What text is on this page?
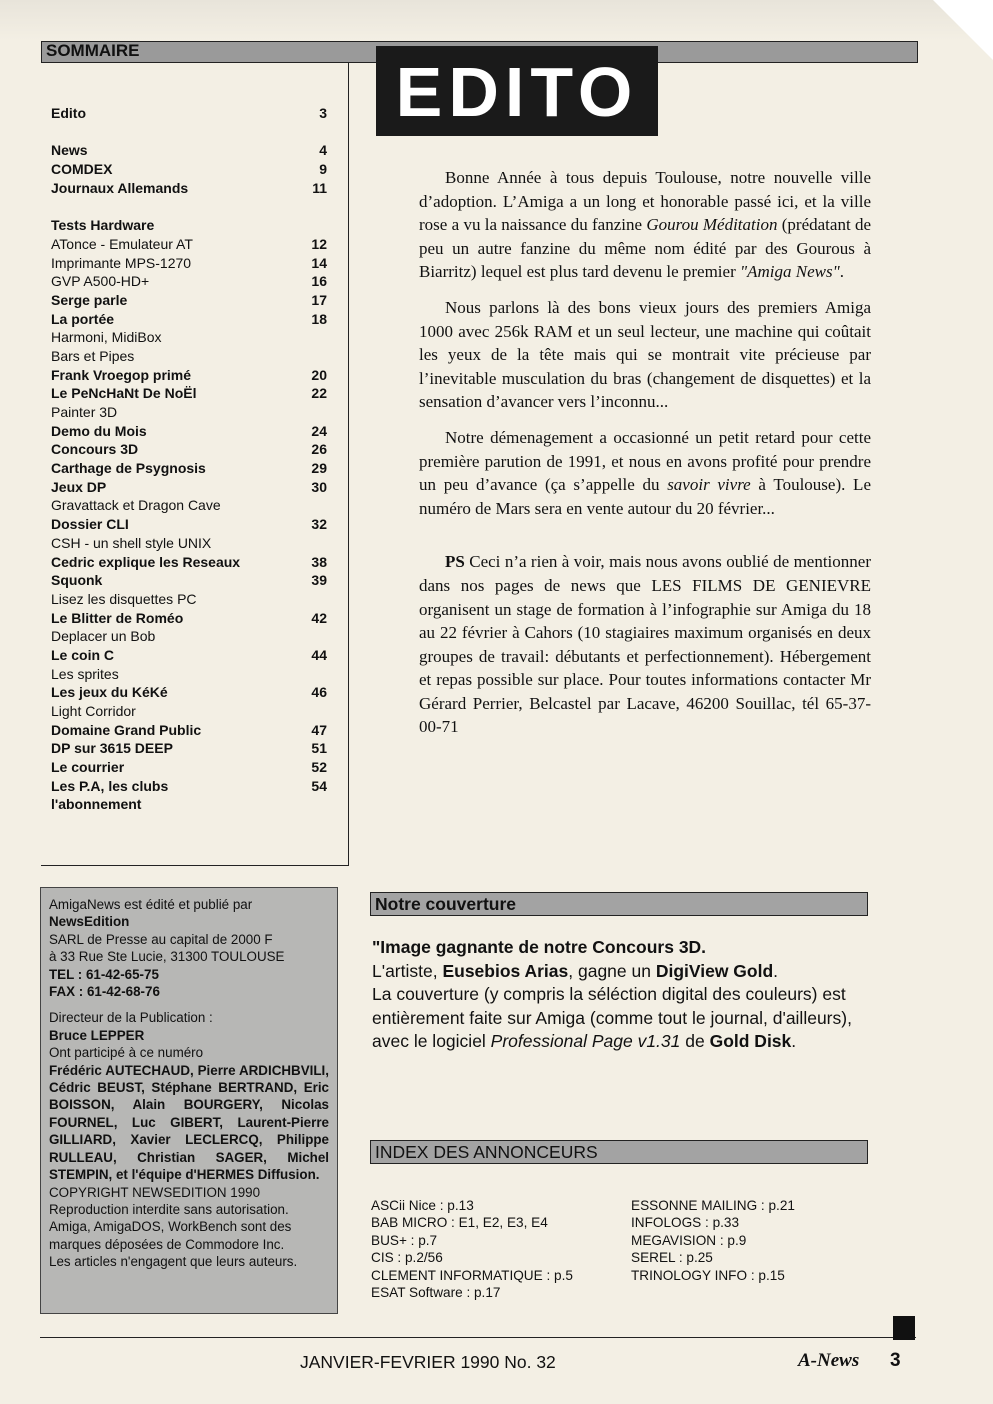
SOMMAIRE
EDITO
Edito	3
News	4
COMDEX	9
Journaux Allemands	11
Tests Hardware
ATonce - Emulateur AT	12
Imprimante MPS-1270	14
GVP A500-HD+	16
Serge parle	17
La portée	18
Harmoni, MidiBox
Bars et Pipes
Frank Vroegop primé	20
Le PeNcHaNt De NoËl	22
Painter 3D
Demo du Mois	24
Concours 3D	26
Carthage de Psygnosis	29
Jeux DP	30
Gravattack et Dragon Cave
Dossier CLI	32
CSH - un shell style UNIX
Cedric explique les Reseaux	38
Squonk	39
Lisez les disquettes PC
Le Blitter de Roméo	42
Deplacer un Bob
Le coin C	44
Les sprites
Les jeux du KéKé	46
Light Corridor
Domaine Grand Public	47
DP sur 3615 DEEP	51
Le courrier	52
Les P.A, les clubs	54
l'abonnement

Bonne Année à tous depuis Toulouse, notre nouvelle ville d’adoption. L’Amiga a un long et honorable passé ici, et la ville rose a vu la naissance du fanzine Gourou Méditation (prédatant de peu un autre fanzine du même nom édité par des Gourous à Biarritz) lequel est plus tard devenu le premier "Amiga News".

Nous parlons là des bons vieux jours des premiers Amiga 1000 avec 256k RAM et un seul lecteur, une machine qui coûtait les yeux de la tête mais qui se montrait vite précieuse par l’inevitable musculation du bras (changement de disquettes) et la sensation d’avancer vers l’inconnu...

Notre démenagement a occasionné un petit retard pour cette première parution de 1991, et nous en avons profité pour prendre un peu d’avance (ça s’appelle du savoir vivre à Toulouse). Le numéro de Mars sera en vente autour du 20 février...

PS Ceci n’a rien à voir, mais nous avons oublié de mentionner dans nos pages de news que LES FILMS DE GENIEVRE organisent un stage de formation à l’infographie sur Amiga du 18 au 22 février à Cahors (10 stagiaires maximum organisés en deux groupes de travail: débutants et perfectionnement). Hébergement et repas possible sur place. Pour toutes informations contacter Mr Gérard Perrier, Belcastel par Lacave, 46200 Souillac, tél 65-37-00-71

AmigaNews est édité et publié par
NewsEdition
SARL de Presse au capital de 2000 F
à 33 Rue Ste Lucie, 31300 TOULOUSE
TEL : 61-42-65-75
FAX : 61-42-68-76
Directeur de la Publication :
Bruce LEPPER
Ont participé à ce numéro
Frédéric AUTECHAUD, Pierre ARDICHBVILI, Cédric BEUST, Stéphane BERTRAND, Eric BOISSON, Alain BOURGERY, Nicolas FOURNEL, Luc GIBERT, Laurent-Pierre GILLIARD, Xavier LECLERCQ, Philippe RULLEAU, Christian SAGER, Michel STEMPIN, et l'équipe d'HERMES Diffusion.
COPYRIGHT NEWSEDITION 1990
Reproduction interdite sans autorisation.
Amiga, AmigaDOS, WorkBench sont des marques déposées de Commodore Inc.
Les articles n'engagent que leurs auteurs.
Notre couverture
"Image gagnante de notre Concours 3D.
L'artiste, Eusebios Arias, gagne un DigiView Gold.
La couverture (y compris la séléction digital des couleurs) est entièrement faite sur Amiga (comme tout le journal, d'ailleurs), avec le logiciel Professional Page v1.31 de Gold Disk.
INDEX DES ANNONCEURS
ASCii Nice : p.13
BAB MICRO : E1, E2, E3, E4
BUS+ : p.7
CIS : p.2/56
CLEMENT INFORMATIQUE : p.5
ESAT Software : p.17
ESSONNE MAILING : p.21
INFOLOGS : p.33
MEGAVISION : p.9
SEREL : p.25
TRINOLOGY INFO : p.15
JANVIER-FEVRIER 1990 No. 32	A-News 3
